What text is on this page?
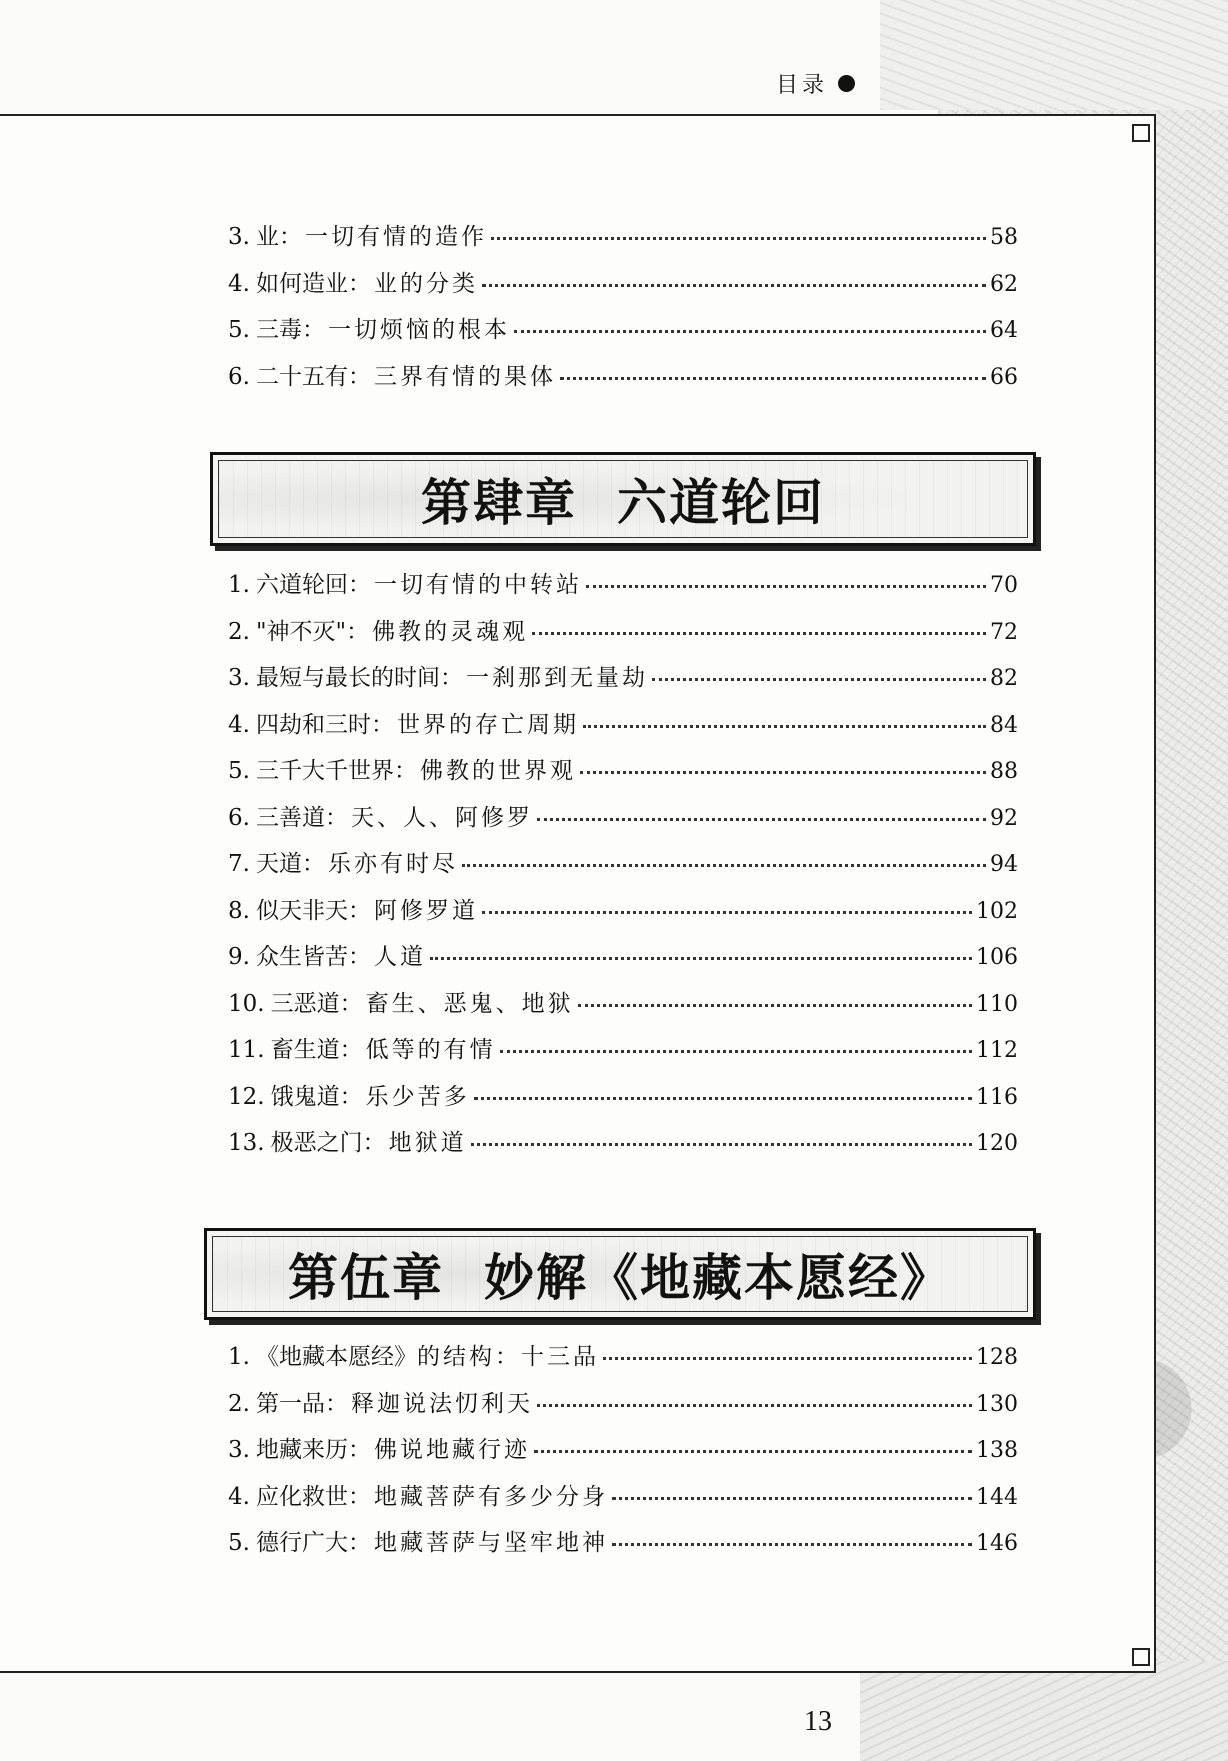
目录
3. 业 ：一切有情的造作	58
4. 如何造业 ：业的分类	62
5. 三毒 ：一切烦恼的根本	64
6. 二十五有 ：三界有情的果体	66
第肆章 六道轮回
1. 六道轮回 ：一切有情的中转站	70
2. "神不灭" ：佛教的灵魂观	72
3. 最短与最长的时间 ：一刹那到无量劫	82
4. 四劫和三时 ：世界的存亡周期	84
5. 三千大千世界 ：佛教的世界观	88
6. 三善道 ：天、人、阿修罗	92
7. 天道 ：乐亦有时尽	94
8. 似天非天 ：阿修罗道	102
9. 众生皆苦 ：人道	106
10. 三恶道 ：畜生、恶鬼、地狱	110
11. 畜生道 ：低等的有情	112
12. 饿鬼道 ：乐少苦多	116
13. 极恶之门 ：地狱道	120
第伍章 妙解《地藏本愿经》
1. 《地藏本愿经》 的结构：十三品	128
2. 第一品 ：释迦说法忉利天	130
3. 地藏来历 ：佛说地藏行迹	138
4. 应化救世 ：地藏菩萨有多少分身	144
5. 德行广大 ：地藏菩萨与坚牢地神	146
13
